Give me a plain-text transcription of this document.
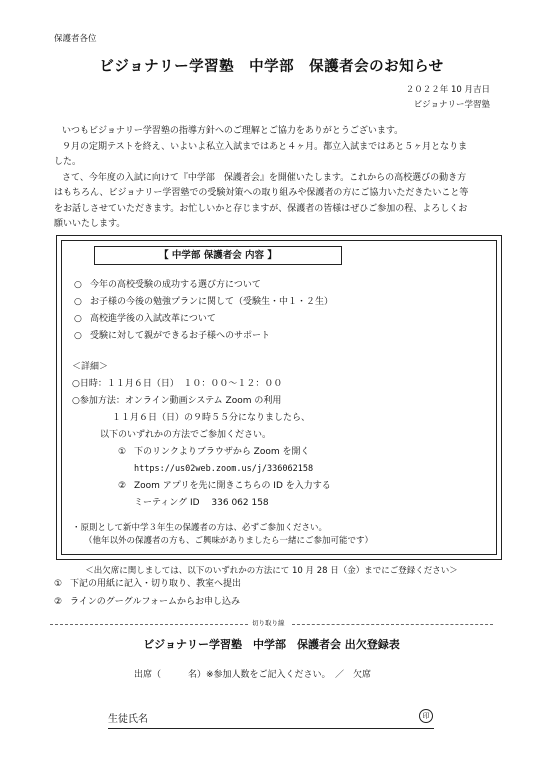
保護者各位
ビジョナリー学習塾　中学部　保護者会のお知らせ
２０２２年 10 月吉日
ビジョナリー学習塾
いつもビジョナリー学習塾の指導方針へのご理解とご協力をありがとうございます。
９月の定期テストを終え、いよいよ私立入試まではあと４ヶ月。都立入試まではあと５ヶ月となりま
した。
さて、今年度の入試に向けて『中学部　保護者会』を開催いたします。これからの高校選びの動き方
はもちろん、ビジョナリー学習塾での受験対策への取り組みや保護者の方にご協力いただきたいこと等
をお話しさせていただきます。お忙しいかと存じますが、保護者の皆様はぜひご参加の程、よろしくお
願いいたします。
【 中学部 保護者会 内容 】
○ 今年の高校受験の成功する選び方について
○ お子様の今後の勉強プランに関して（受験生・中１・２生）
○ 高校進学後の入試改革について
○ 受験に対して親ができるお子様へのサポート
＜詳細＞
○日時：１１月６日（日）　１０：００～１２：００
○参加方法：オンライン動画システム Zoom の利用
１１月６日（日）の９時５５分になりましたら、
以下のいずれかの方法でご参加ください。
① 下のリンクよりブラウザから Zoom を開く
https://us02web.zoom.us/j/336062158
② Zoom アプリを先に開きこちらの ID を入力する
ミーティング ID　 336 062 158
・原則として新中学３年生の保護者の方は、必ずご参加ください。
（他年以外の保護者の方も、ご興味がありましたら一緒にご参加可能です）
＜出欠席に関しましては、以下のいずれかの方法にて 10 月 28 日（金）までにご登録ください＞
① 下記の用紙に記入・切り取り、教室へ提出
② ラインのグーグルフォームからお申し込み
切り取り線
ビジョナリー学習塾　中学部　保護者会 出欠登録表
出席（　　　名）※参加人数をご記入ください。　／　欠席
生徒氏名	印
